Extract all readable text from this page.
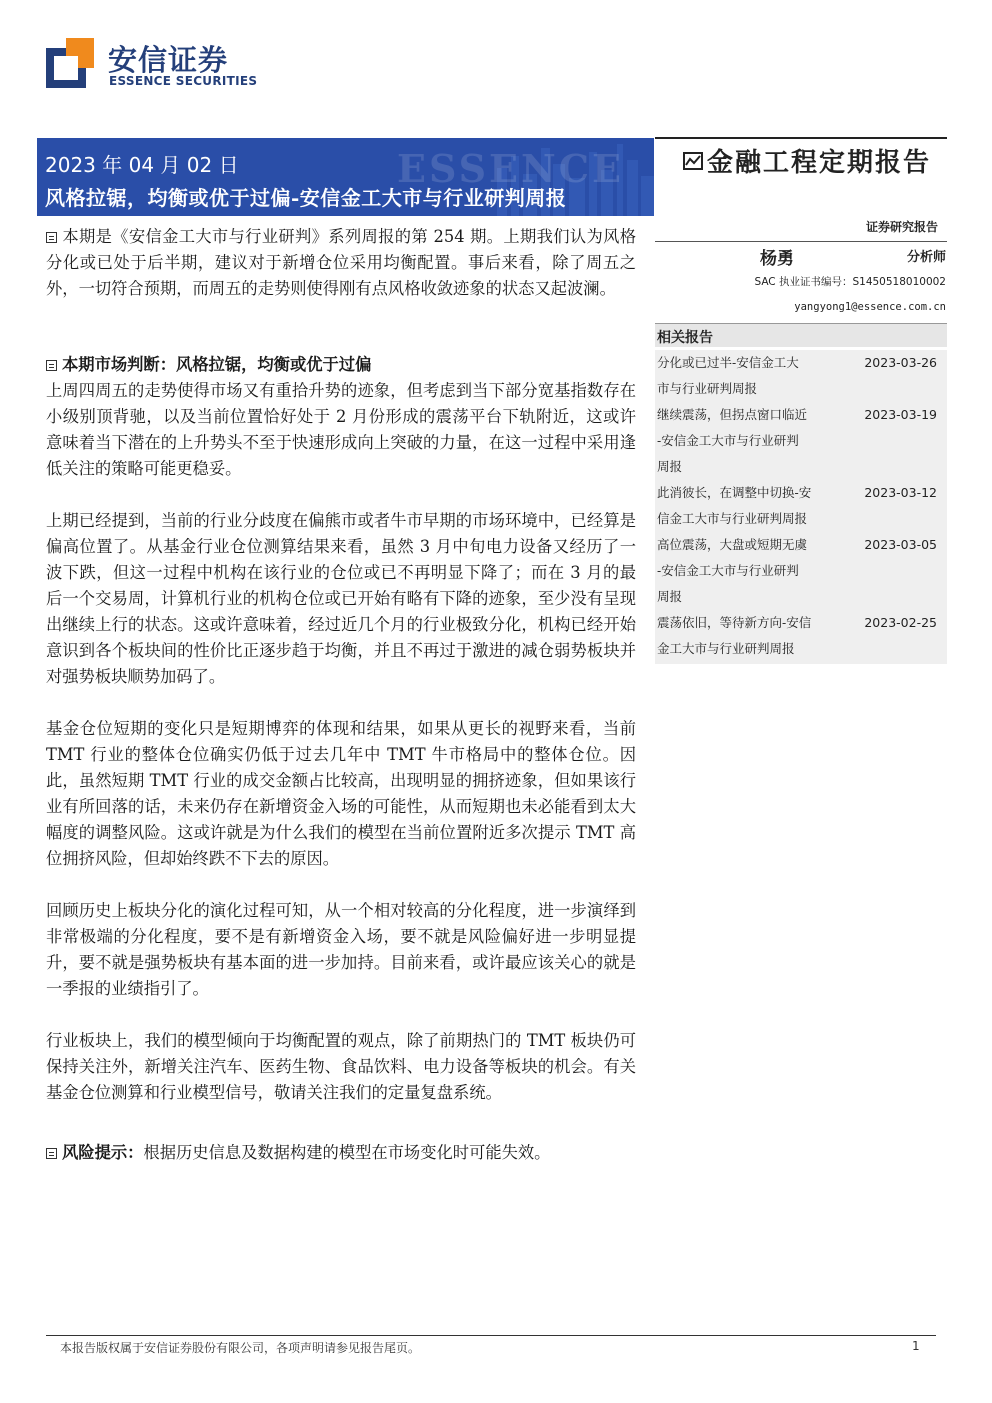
安信证券
ESSENCE SECURITIES
ESSENCE
2023 年 04 月 02 日
风格拉锯，均衡或优于过偏-安信金工大市与行业研判周报
金融工程定期报告
证券研究报告
杨勇	分析师
SAC 执业证书编号：S1450518010002
yangyong1@essence.com.cn
相关报告
分化或已过半-安信金工大
市与行业研判周报
2023-03-26
继续震荡，但拐点窗口临近
-安信金工大市与行业研判
周报
2023-03-19
此消彼长，在调整中切换-安
信金工大市与行业研判周报
2023-03-12
高位震荡，大盘或短期无虞
-安信金工大市与行业研判
周报
2023-03-05
震荡依旧，等待新方向-安信
金工大市与行业研判周报
2023-02-25

本期是《安信金工大市与行业研判》系列周报的第 254 期。上期我们认为风格分化或已处于后半期，建议对于新增仓位采用均衡配置。事后来看，除了周五之外，一切符合预期，而周五的走势则使得刚有点风格收敛迹象的状态又起波澜。

本期市场判断：风格拉锯，均衡或优于过偏

上周四周五的走势使得市场又有重拾升势的迹象，但考虑到当下部分宽基指数存在小级别顶背驰，以及当前位置恰好处于 2 月份形成的震荡平台下轨附近，这或许意味着当下潜在的上升势头不至于快速形成向上突破的力量，在这一过程中采用逢低关注的策略可能更稳妥。

上期已经提到，当前的行业分歧度在偏熊市或者牛市早期的市场环境中，已经算是偏高位置了。从基金行业仓位测算结果来看，虽然 3 月中旬电力设备又经历了一波下跌，但这一过程中机构在该行业的仓位或已不再明显下降了；而在 3 月的最后一个交易周，计算机行业的机构仓位或已开始有略有下降的迹象，至少没有呈现出继续上行的状态。这或许意味着，经过近几个月的行业极致分化，机构已经开始意识到各个板块间的性价比正逐步趋于均衡，并且不再过于激进的减仓弱势板块并对强势板块顺势加码了。

基金仓位短期的变化只是短期博弈的体现和结果，如果从更长的视野来看，当前 TMT 行业的整体仓位确实仍低于过去几年中 TMT 牛市格局中的整体仓位。因此，虽然短期 TMT 行业的成交金额占比较高，出现明显的拥挤迹象，但如果该行业有所回落的话，未来仍存在新增资金入场的可能性，从而短期也未必能看到太大幅度的调整风险。这或许就是为什么我们的模型在当前位置附近多次提示 TMT 高位拥挤风险，但却始终跌不下去的原因。

回顾历史上板块分化的演化过程可知，从一个相对较高的分化程度，进一步演绎到非常极端的分化程度，要不是有新增资金入场，要不就是风险偏好进一步明显提升，要不就是强势板块有基本面的进一步加持。目前来看，或许最应该关心的就是一季报的业绩指引了。

行业板块上，我们的模型倾向于均衡配置的观点，除了前期热门的 TMT 板块仍可保持关注外，新增关注汽车、医药生物、食品饮料、电力设备等板块的机会。有关基金仓位测算和行业模型信号，敬请关注我们的定量复盘系统。

风险提示：根据历史信息及数据构建的模型在市场变化时可能失效。

本报告版权属于安信证券股份有限公司，各项声明请参见报告尾页。	1
